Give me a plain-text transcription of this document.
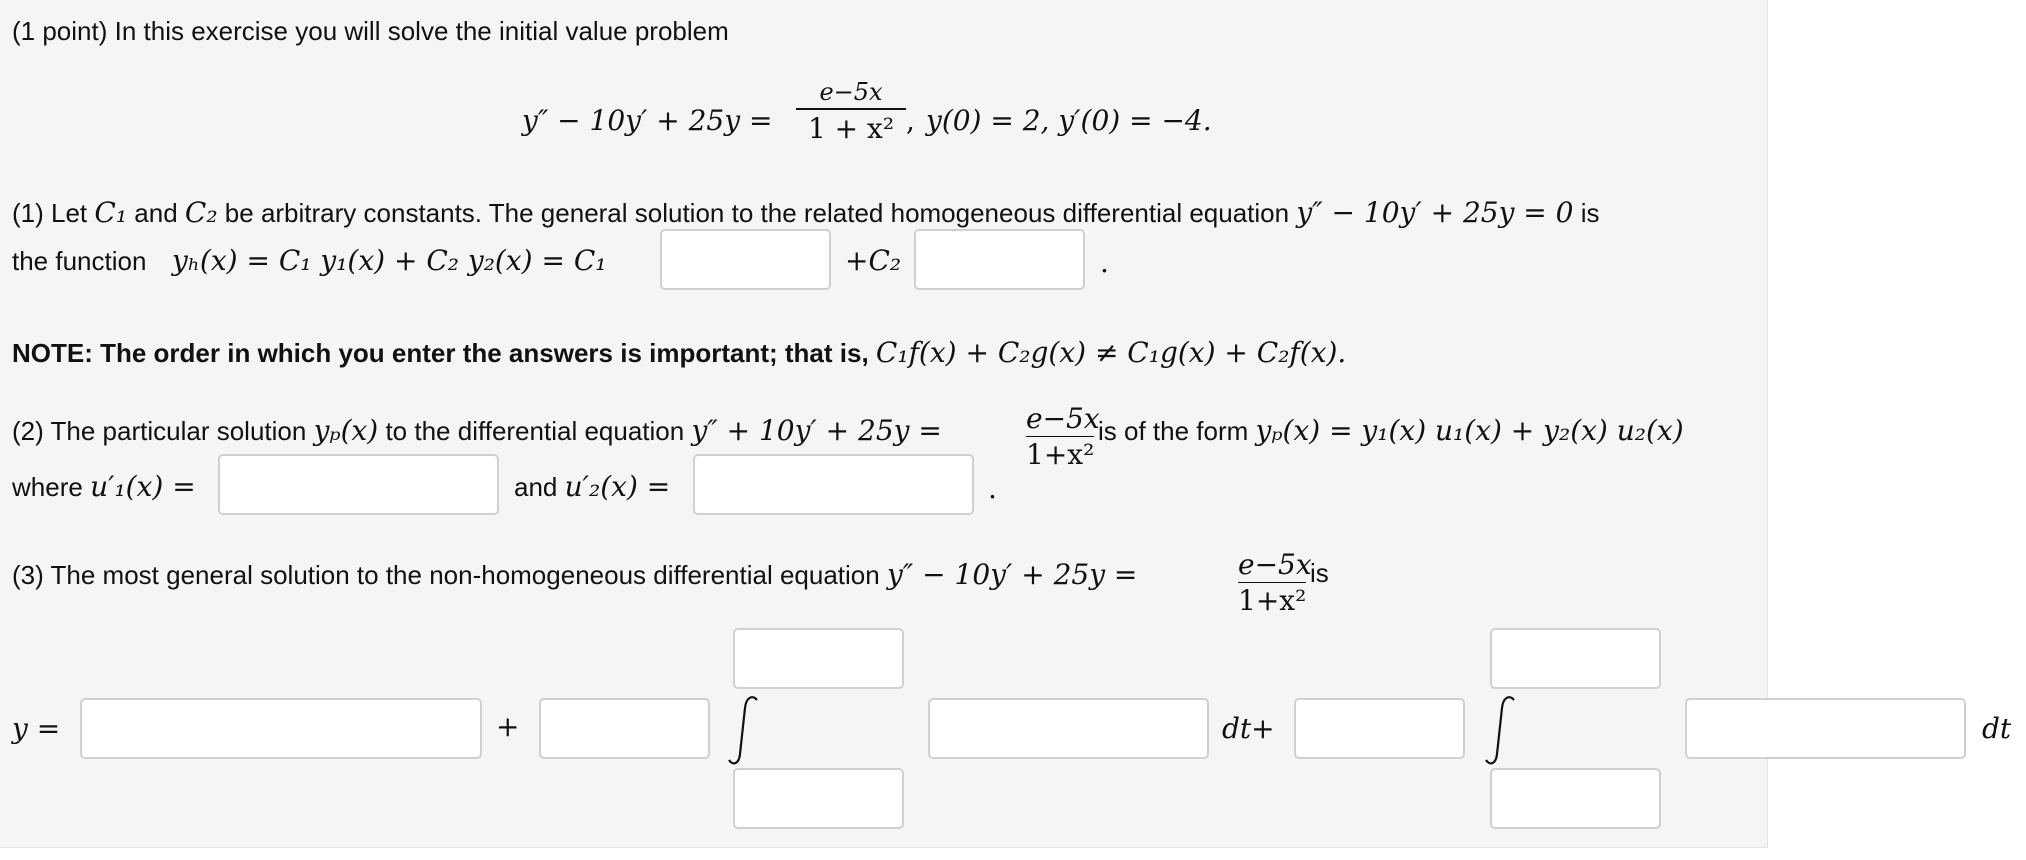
(1 point) In this exercise you will solve the initial value problem
y″ − 10y′ + 25y =
e−5x
1 + x² , y(0) = 2, y′(0) = −4.
(1) Let C₁ and C₂ be arbitrary constants. The general solution to the related homogeneous differential equation y″ − 10y′ + 25y = 0 is
the function yₕ(x) = C₁ y₁(x) + C₂ y₂(x) = C₁	+C₂	.
NOTE: The order in which you enter the answers is important; that is, C₁f(x) + C₂g(x) ≠ C₁g(x) + C₂f(x).
(2) The particular solution yₚ(x) to the differential equation y″ + 10y′ + 25y =	e−5x
1+x²
is of the form yₚ(x) = y₁(x) u₁(x) + y₂(x) u₂(x)
where u′₁(x) =	and u′₂(x) =	.
(3) The most general solution to the non-homogeneous differential equation y″ − 10y′ + 25y =	e−5x
1+x²
is
y =	+	dt+	dt
